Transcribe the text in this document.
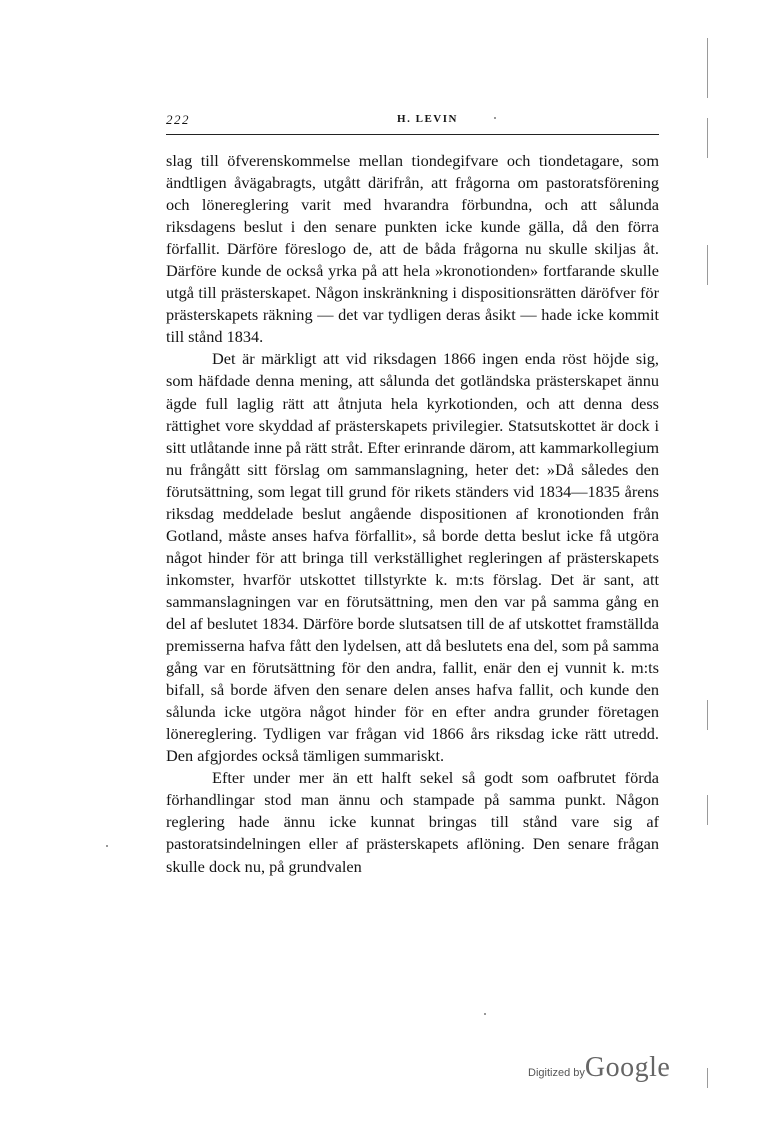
222	H. LEVIN

slag till öfverenskommelse mellan tiondegifvare och tiondetagare, som ändtligen åvägabragts, utgått därifrån, att frågorna om pastoratsförening och lönereglering varit med hvarandra förbundna, och att sålunda riksdagens beslut i den senare punkten icke kunde gälla, då den förra förfallit. Därföre föreslogo de, att de båda frågorna nu skulle skiljas åt. Därföre kunde de också yrka på att hela »kronotionden» fortfarande skulle utgå till prästerskapet. Någon inskränkning i dispositionsrätten däröfver för prästerskapets räkning — det var tydligen deras åsikt — hade icke kommit till stånd 1834.

Det är märkligt att vid riksdagen 1866 ingen enda röst höjde sig, som häfdade denna mening, att sålunda det gotländska prästerskapet ännu ägde full laglig rätt att åtnjuta hela kyrkotionden, och att denna dess rättighet vore skyddad af prästerskapets privilegier. Statsutskottet är dock i sitt utlåtande inne på rätt stråt. Efter erinrande därom, att kammarkollegium nu frångått sitt förslag om sammanslagning, heter det: »Då således den förutsättning, som legat till grund för rikets ständers vid 1834—1835 årens riksdag meddelade beslut angående dispositionen af kronotionden från Gotland, måste anses hafva förfallit», så borde detta beslut icke få utgöra något hinder för att bringa till verkställighet regleringen af prästerskapets inkomster, hvarför utskottet tillstyrkte k. m:ts förslag. Det är sant, att sammanslagningen var en förutsättning, men den var på samma gång en del af beslutet 1834. Därföre borde slutsatsen till de af utskottet framställda premisserna hafva fått den lydelsen, att då beslutets ena del, som på samma gång var en förutsättning för den andra, fallit, enär den ej vunnit k. m:ts bifall, så borde äfven den senare delen anses hafva fallit, och kunde den sålunda icke utgöra något hinder för en efter andra grunder företagen lönereglering. Tydligen var frågan vid 1866 års riksdag icke rätt utredd. Den afgjordes också tämligen summariskt.

Efter under mer än ett halft sekel så godt som oafbrutet förda förhandlingar stod man ännu och stampade på samma punkt. Någon reglering hade ännu icke kunnat bringas till stånd vare sig af pastoratsindelningen eller af prästerskapets aflöning. Den senare frågan skulle dock nu, på grundvalen

Digitized byGoogle
